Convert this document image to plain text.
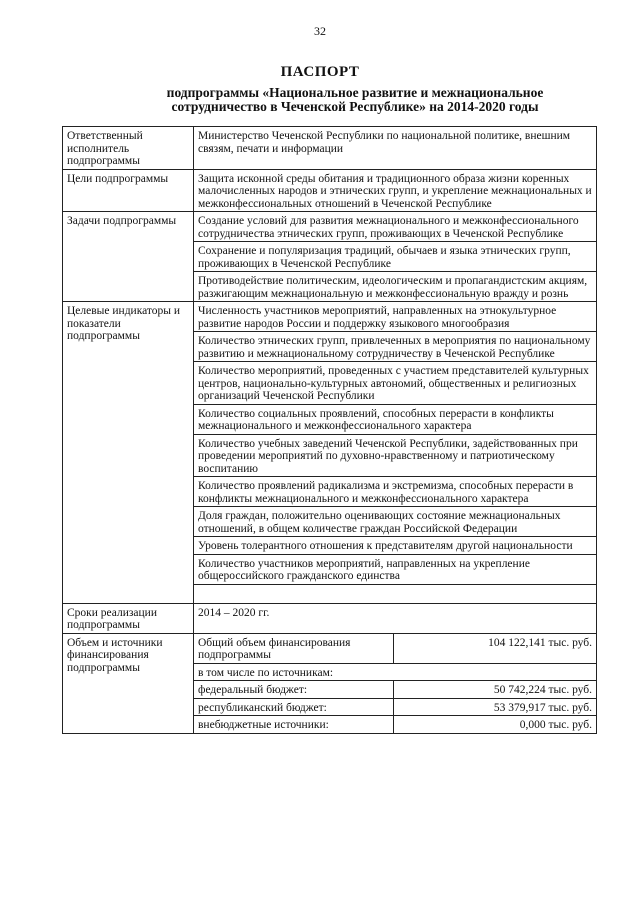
32
ПАСПОРТ
подпрограммы «Национальное развитие и межнациональное сотрудничество в Чеченской Республике» на 2014-2020 годы
Ответственный исполнитель подпрограммы	Министерство Чеченской Республики по национальной политике, внешним связям, печати и информации	
Цели подпрограммы	Защита исконной среды обитания и традиционного образа жизни коренных малочисленных народов и этнических групп, и укрепление межнациональных и межконфессиональных отношений в Чеченской Республике	
Задачи подпрограммы	Создание условий для развития межнационального и межконфессионального сотрудничества этнических групп, проживающих в Чеченской Республике	
	Сохранение и популяризация традиций, обычаев и языка этнических групп, проживающих в Чеченской Республике	
	Противодействие политическим, идеологическим и пропагандистским акциям, разжигающим межнациональную и межконфессиональную вражду и рознь	
Целевые индикаторы и показатели подпрограммы	Численность участников мероприятий, направленных на этнокультурное развитие народов России и поддержку языкового многообразия	
	Количество этнических групп, привлеченных в мероприятия по национальному развитию и межнациональному сотрудничеству в Чеченской Республике	
	Количество мероприятий, проведенных с участием представителей культурных центров, национально-культурных автономий, общественных и религиозных организаций Чеченской Республики	
	Количество социальных проявлений, способных перерасти в конфликты межнационального и межконфессионального характера	
	Количество учебных заведений Чеченской Республики, задействованных при проведении мероприятий по духовно-нравственному и патриотическому воспитанию	
	Количество проявлений радикализма и экстремизма, способных перерасти в конфликты межнационального и межконфессионального характера	
	Доля граждан, положительно оценивающих состояние межнациональных отношений, в общем количестве граждан Российской Федерации	
	Уровень толерантного отношения к представителям другой национальности	
	Количество участников мероприятий, направленных на укрепление общероссийского гражданского единства	

Сроки реализации подпрограммы	2014 – 2020 гг.	
Объем и источники финансирования подпрограммы	Общий объем финансирования подпрограммы	104 122,141 тыс. руб.
	в том числе по источникам:	
	федеральный бюджет:	50 742,224 тыс. руб.
	республиканский бюджет:	53 379,917 тыс. руб.
	внебюджетные источники:	0,000 тыс. руб.
